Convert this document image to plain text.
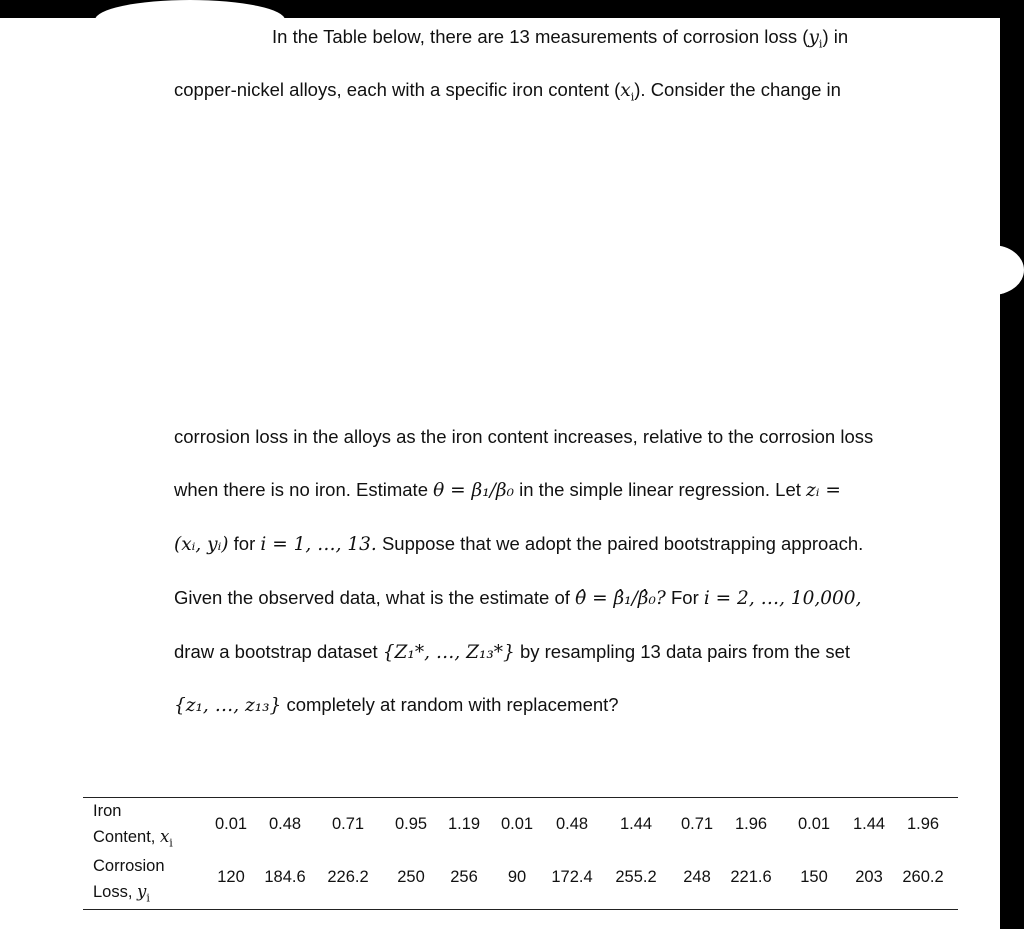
In the Table below, there are 13 measurements of corrosion loss $(y_i)$ in
copper-nickel alloys, each with a specific iron content $(x_i)$. Consider the change in
corrosion loss in the alloys as the iron content increases, relative to the corrosion loss
when there is no iron. Estimate θ = β₁/β₀ in the simple linear regression. Let zᵢ =
(xᵢ, yᵢ) for i = 1, …, 13. Suppose that we adopt the paired bootstrapping approach.
Given the observed data, what is the estimate of θ̂ = β̂₁/β̂₀? For i = 2, …, 10,000,
draw a bootstrap dataset {Z₁*, …, Z₁₃*} by resampling 13 data pairs from the set
{z₁, …, z₁₃} completely at random with replacement?
Iron
Content, $x_i$
Corrosion
Loss, $y_i$
0.01 0.48 0.71 0.95 1.19 0.01 0.48 1.44 0.71 1.96 0.01 1.44 1.96
120 184.6 226.2 250 256 90 172.4 255.2 248 221.6 150 203 260.2
